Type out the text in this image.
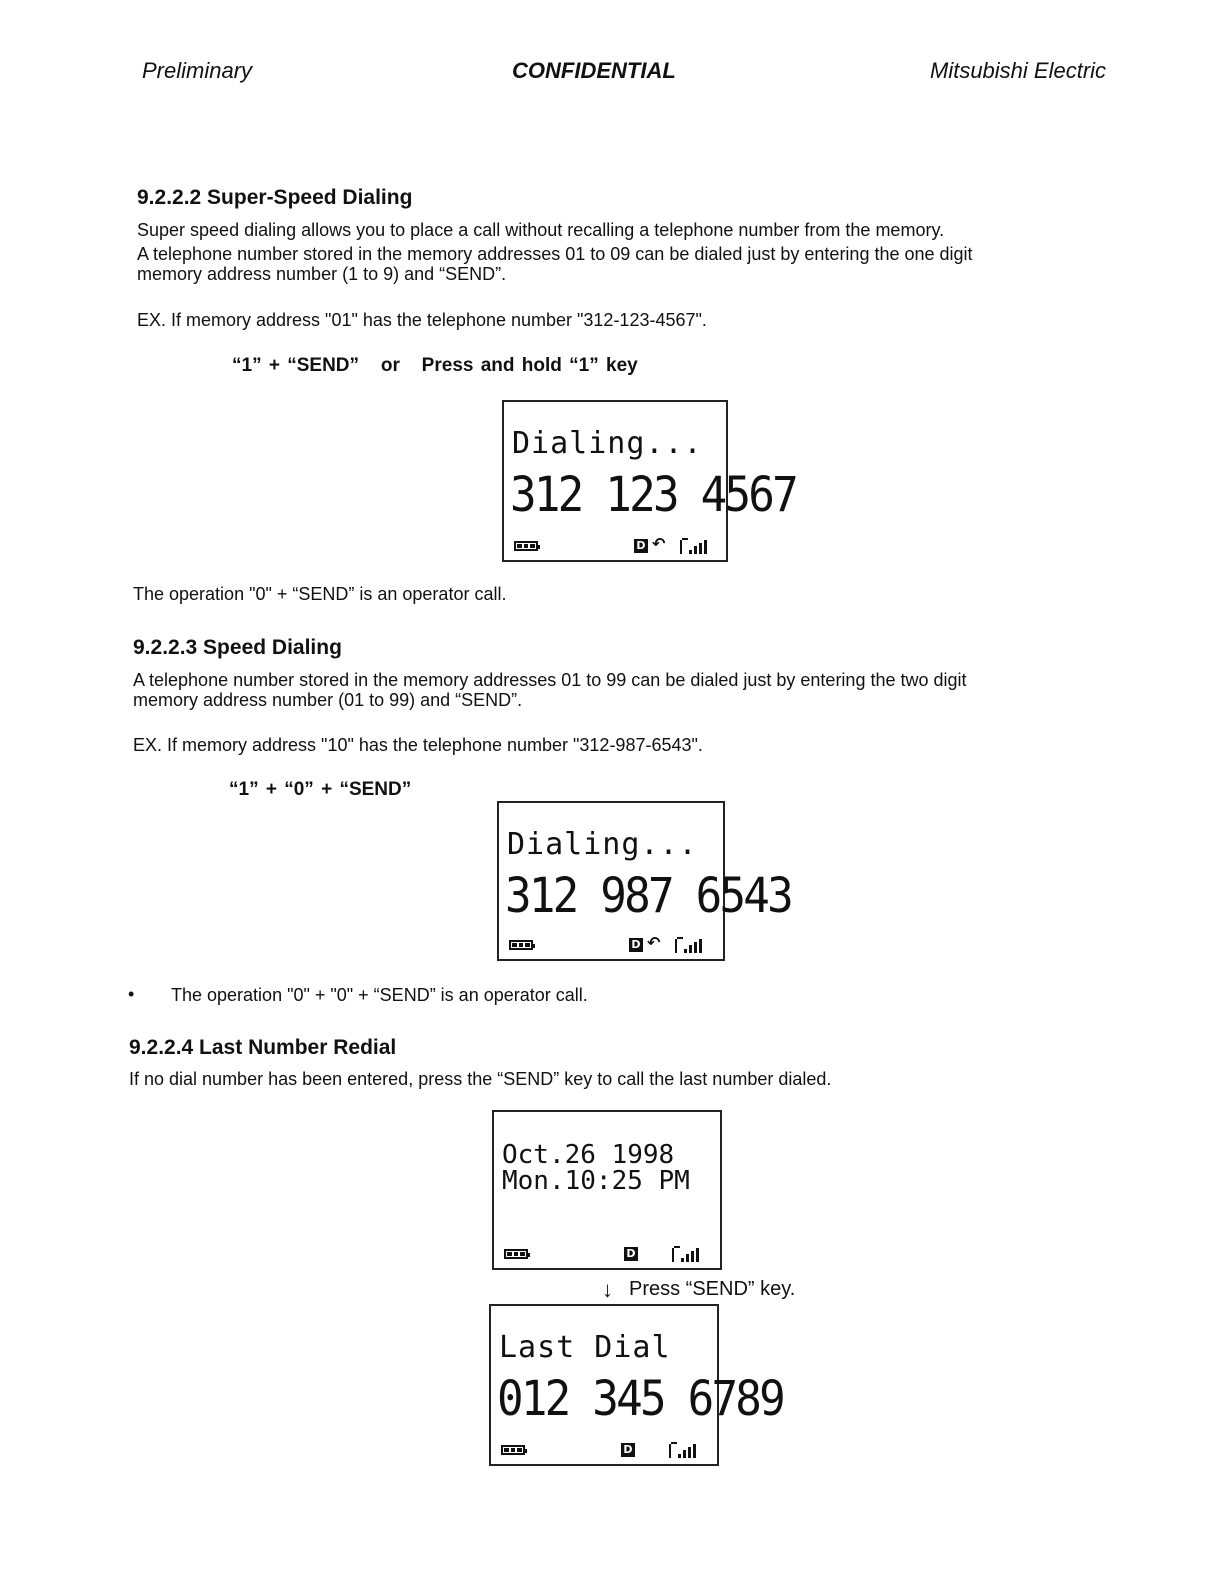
Preliminary	CONFIDENTIAL	Mitsubishi Electric
9.2.2.2 Super-Speed Dialing
Super speed dialing allows you to place a call without recalling a telephone number from the memory.
A telephone number stored in the memory addresses 01 to 09 can be dialed just by entering the one digit
memory address number (1 to 9) and “SEND”.
EX. If memory address "01" has the telephone number "312-123-4567".
“1” + “SEND”   or   Press and hold “1” key
Dialing...
312 123 4567
D ↶
The operation "0" + “SEND” is an operator call.
9.2.2.3 Speed Dialing
A telephone number stored in the memory addresses 01 to 99 can be dialed just by entering the two digit
memory address number (01 to 99) and “SEND”.
EX. If memory address "10" has the telephone number "312-987-6543".
“1” + “0” + “SEND”
Dialing...
312 987 6543
D ↶
• The operation "0" + "0" + “SEND” is an operator call.
9.2.2.4 Last Number Redial
If no dial number has been entered, press the “SEND” key to call the last number dialed.
Oct.26 1998
Mon.10:25 PM
D
↓ Press “SEND” key.
Last Dial
012 345 6789
D
